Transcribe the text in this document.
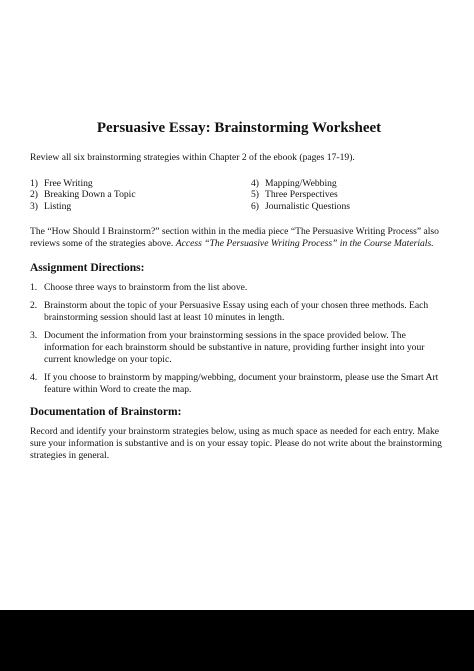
Persuasive Essay: Brainstorming Worksheet

Review all six brainstorming strategies within Chapter 2 of the ebook (pages 17-19).

1) Free Writing
2) Breaking Down a Topic
3) Listing
4) Mapping/Webbing
5) Three Perspectives
6) Journalistic Questions

The “How Should I Brainstorm?” section within in the media piece “The Persuasive Writing Process” also reviews some of the strategies above. Access “The Persuasive Writing Process” in the Course Materials.

Assignment Directions:
1. Choose three ways to brainstorm from the list above.
2. Brainstorm about the topic of your Persuasive Essay using each of your chosen three methods. Each brainstorming session should last at least 10 minutes in length.
3. Document the information from your brainstorming sessions in the space provided below. The information for each brainstorm should be substantive in nature, providing further insight into your current knowledge on your topic.
4. If you choose to brainstorm by mapping/webbing, document your brainstorm, please use the Smart Art feature within Word to create the map.
Documentation of Brainstorm:

Record and identify your brainstorm strategies below, using as much space as needed for each entry. Make sure your information is substantive and is on your essay topic. Please do not write about the brainstorming strategies in general.
